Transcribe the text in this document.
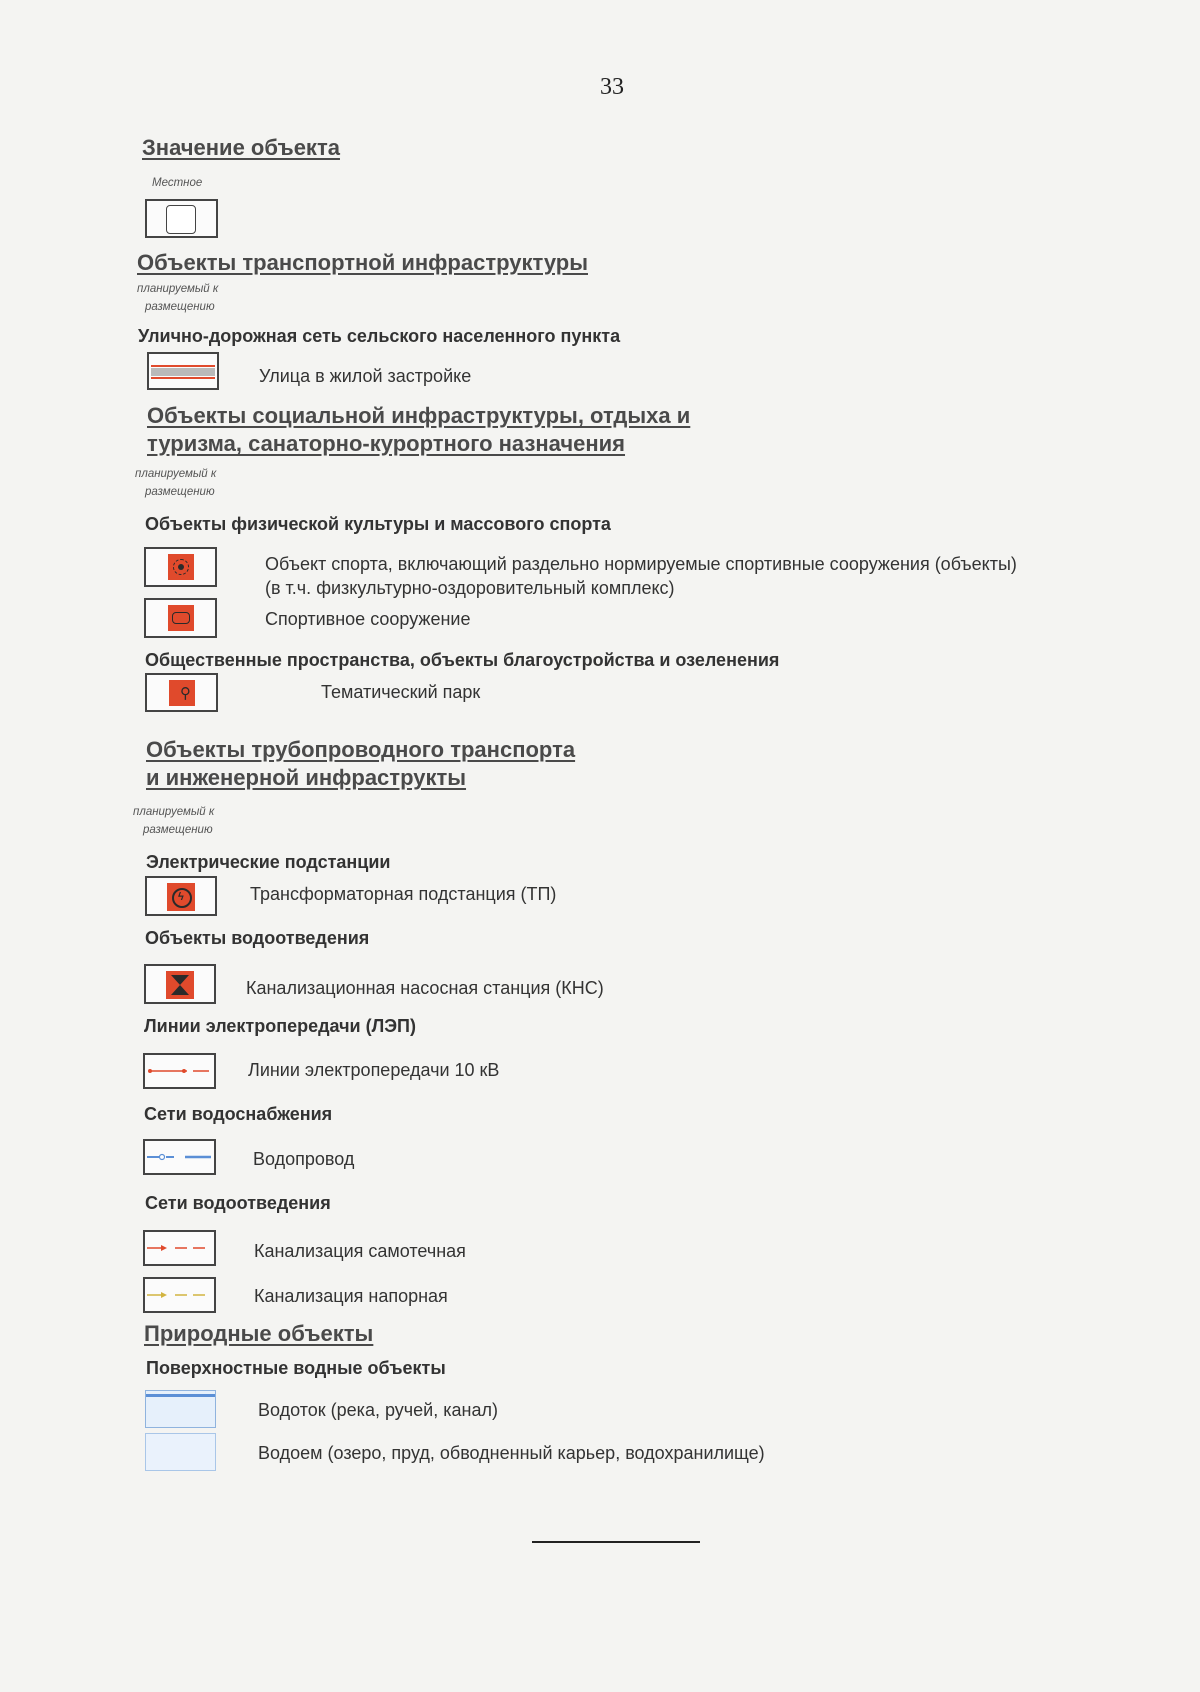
33
Значение объекта
Местное
Объекты транспортной инфраструктуры
планируемый к
размещению
Улично-дорожная сеть сельского населенного пункта
Улица в жилой застройке
Объекты социальной инфраструктуры, отдыха и
туризма, санаторно-курортного назначения
планируемый к
размещению
Объекты физической культуры и массового спорта
Объект спорта, включающий раздельно нормируемые спортивные сооружения (объекты)
(в т.ч. физкультурно-оздоровительный комплекс)
Спортивное сооружение
Общественные пространства, объекты благоустройства и озеленения
⚲	Тематический парк
Объекты трубопроводного транспорта
и инженерной инфраструкты
планируемый к
размещению
Электрические подстанции
ϟ	Трансформаторная подстанция (ТП)
Объекты водоотведения
Канализационная насосная станция (КНС)
Линии электропередачи (ЛЭП)
Линии электропередачи 10 кВ
Сети водоснабжения
Водопровод
Сети водоотведения
Канализация самотечная
Канализация напорная
Природные объекты
Поверхностные водные объекты
Водоток (река, ручей, канал)
Водоем (озеро, пруд, обводненный карьер, водохранилище)
